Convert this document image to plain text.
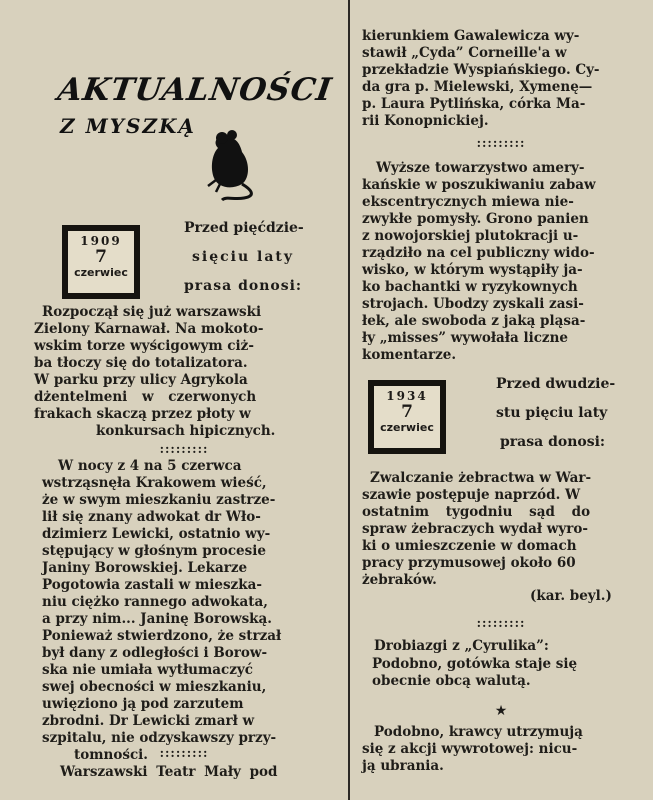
AKTUALNOŚCI
Z MYSZKĄ
1909
7
czerwiec
Przed pięćdzie-
sięciu laty
prasa donosi:
Rozpoczął się już warszawski
Zielony Karnawał. Na mokoto-
wskim torze wyścigowym ciż-
ba tłoczy się do totalizatora.
W parku przy ulicy Agrykola
dżentelmeni w czerwonych
frakach skaczą przez płoty w
konkursach hipicznych.
:::::::::
W nocy z 4 na 5 czerwca
wstrząsnęła Krakowem wieść,
że w swym mieszkaniu zastrze-
lił się znany adwokat dr Wło-
dzimierz Lewicki, ostatnio wy-
stępujący w głośnym procesie
Janiny Borowskiej. Lekarze
Pogotowia zastali w mieszka-
niu ciężko rannego adwokata,
a przy nim... Janinę Borowską.
Ponieważ stwierdzono, że strzał
był dany z odległości i Borow-
ska nie umiała wytłumaczyć
swej obecności w mieszkaniu,
uwięziono ją pod zarzutem
zbrodni. Dr Lewicki zmarł w
szpitalu, nie odzyskawszy przy-
tomności. :::::::::
Warszawski Teatr Mały pod
kierunkiem Gawalewicza wy-
stawił „Cyda” Corneille'a w
przekładzie Wyspiańskiego. Cy-
da gra p. Mielewski, Xymenę—
p. Laura Pytlińska, córka Ma-
rii Konopnickiej.
:::::::::
Wyższe towarzystwo amery-
kańskie w poszukiwaniu zabaw
ekscentrycznych miewa nie-
zwykłe pomysły. Grono panien
z nowojorskiej plutokracji u-
rządziło na cel publiczny wido-
wisko, w którym wystąpiły ja-
ko bachantki w ryzykownych
strojach. Ubodzy zyskali zasi-
łek, ale swoboda z jaką pląsa-
ły „misses” wywołała liczne
komentarze.
1934
7
czerwiec
Przed dwudzie-
stu pięciu laty
prasa donosi:
Zwalczanie żebractwa w War-
szawie postępuje naprzód. W
ostatnim tygodniu sąd do
spraw żebraczych wydał wyro-
ki o umieszczenie w domach
pracy przymusowej około 60
żebraków.
(kar. beyl.)
:::::::::
Drobiazgi z „Cyrulika”:
Podobno, gotówka staje się
obecnie obcą walutą.
★
Podobno, krawcy utrzymują
się z akcji wywrotowej: nicu-
ją ubrania.
